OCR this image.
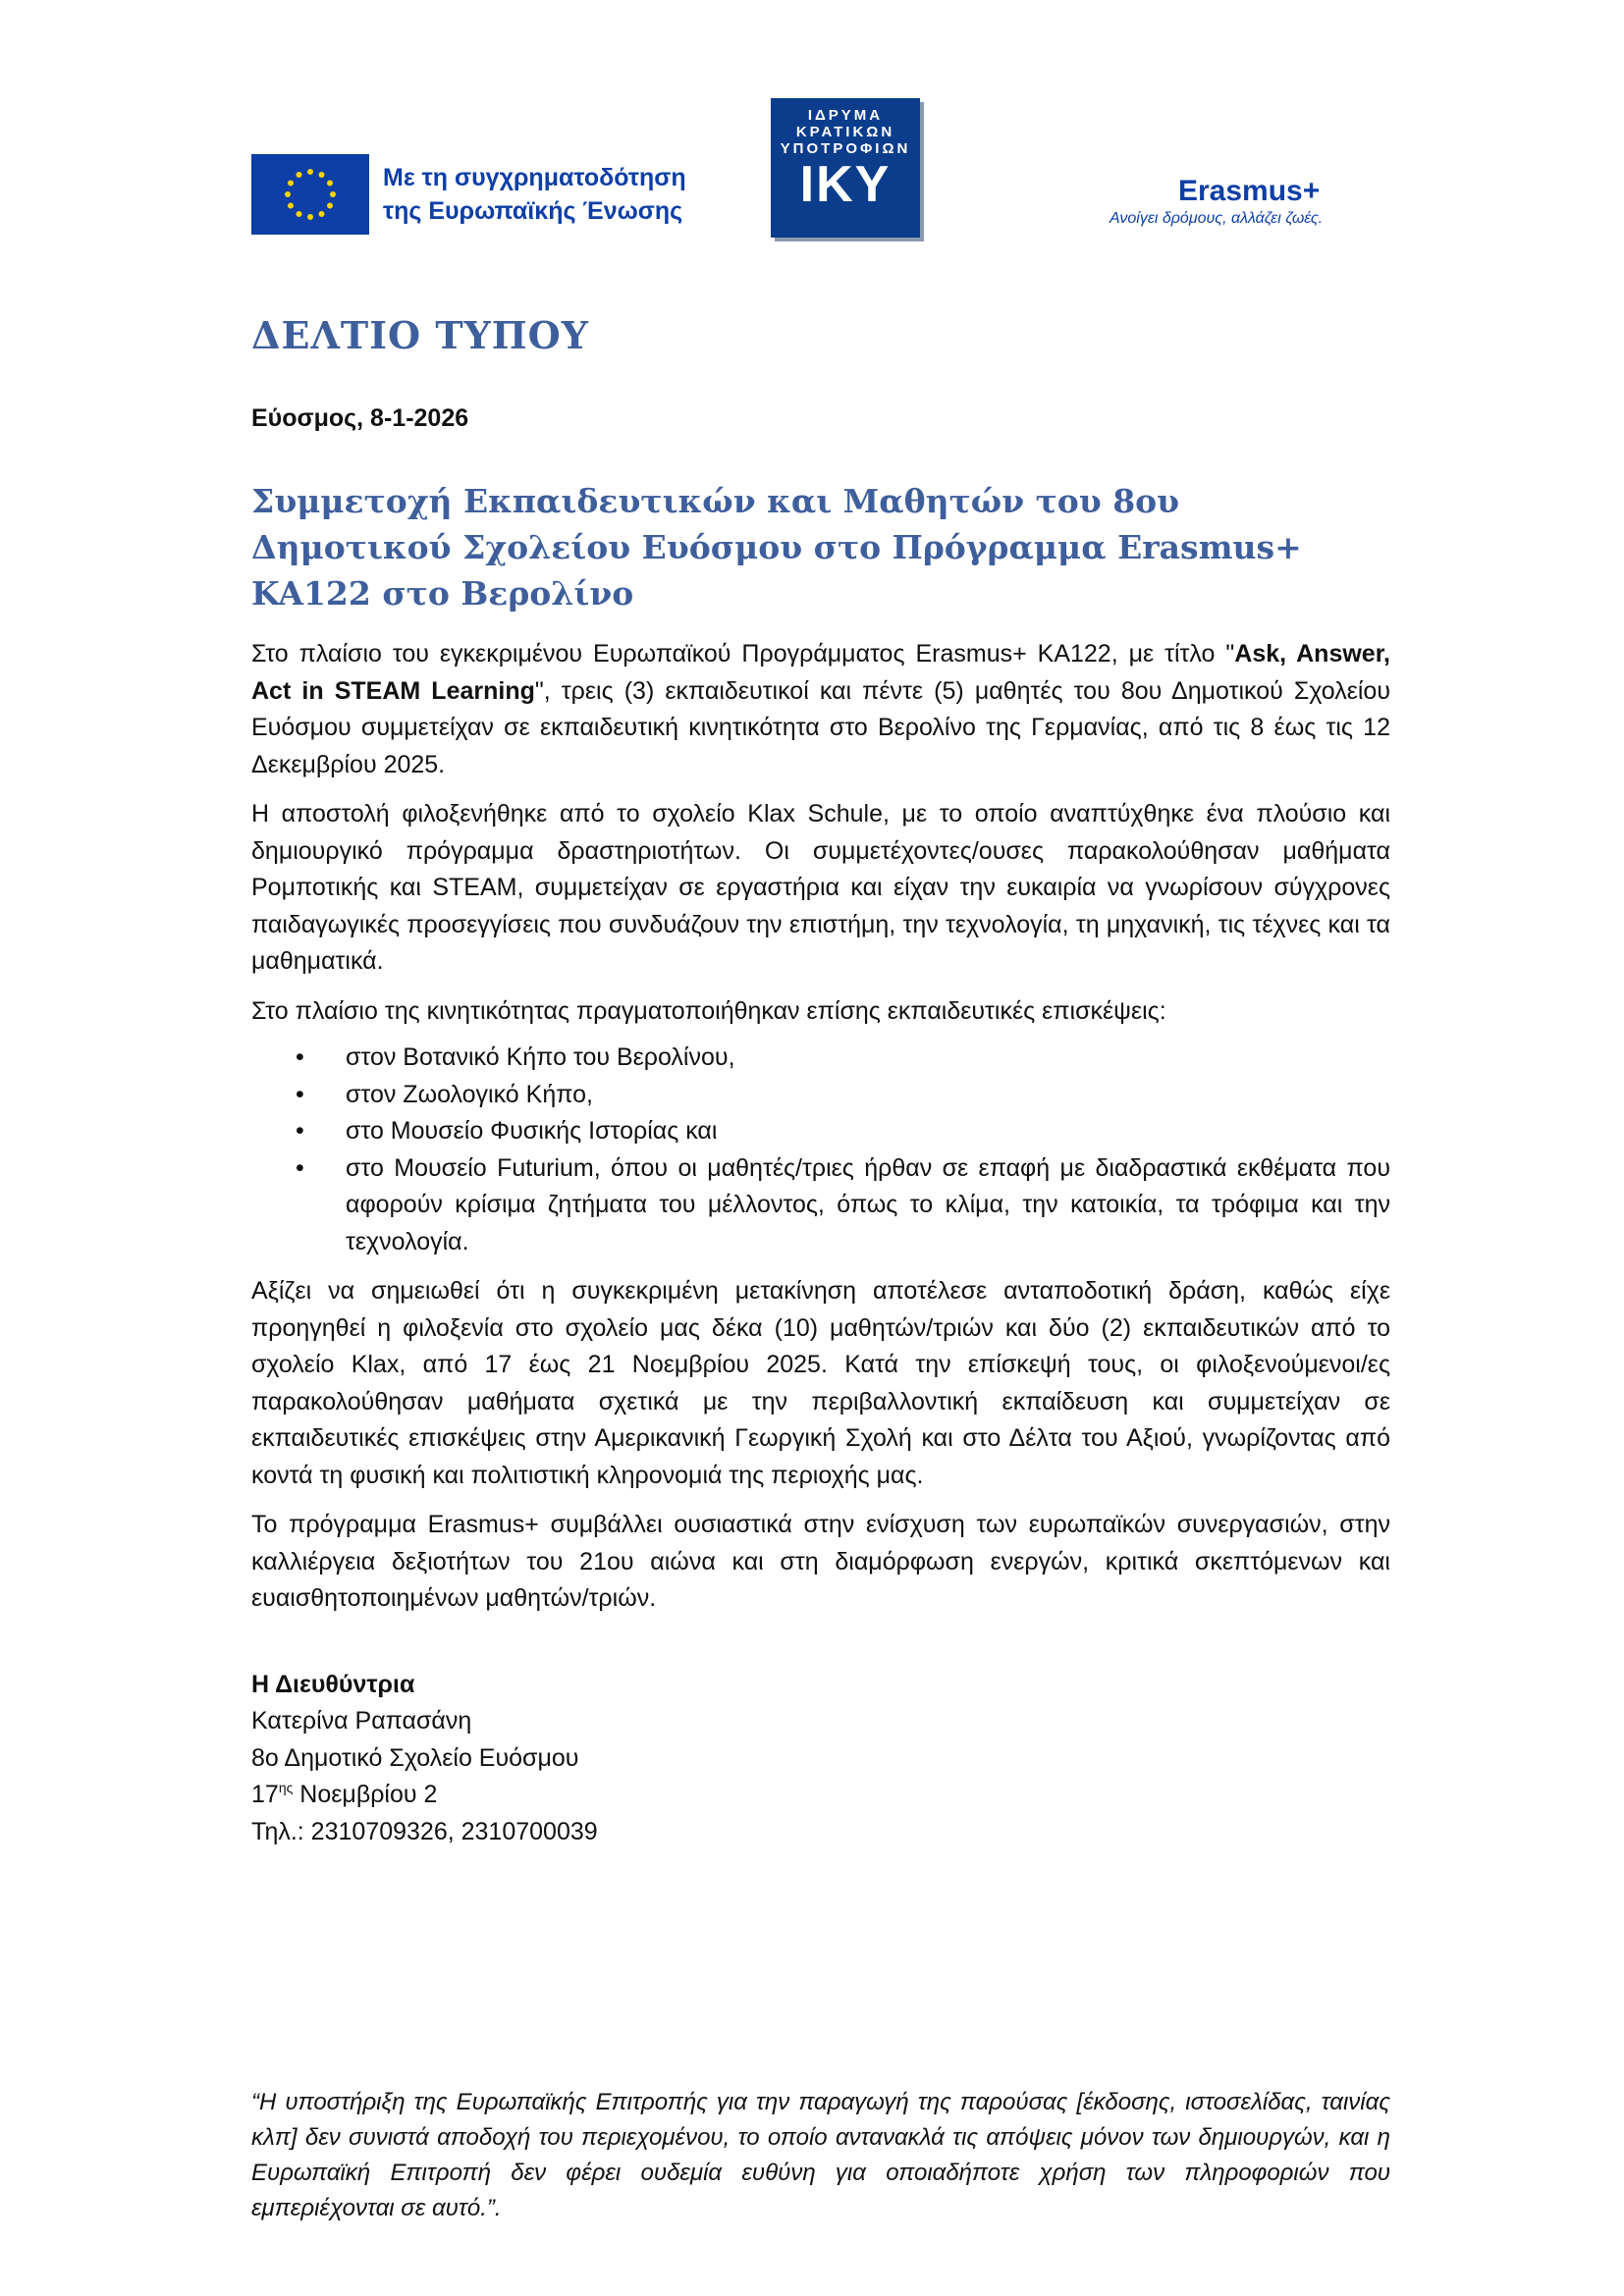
Με τη συγχρηματοδότηση
της Ευρωπαϊκής Ένωσης
ΙΔΡΥΜΑ
ΚΡΑΤΙΚΩΝ
ΥΠΟΤΡΟΦΙΩΝ
ΙΚΥ	Erasmus+
Ανοίγει δρόμους, αλλάζει ζωές.
ΔΕΛΤΙΟ ΤΥΠΟΥ
Εύοσμος, 8-1-2026
Συμμετοχή Εκπαιδευτικών και Μαθητών του 8ου Δημοτικού Σχολείου Ευόσμου στο Πρόγραμμα Erasmus+ KA122 στο Βερολίνο

Στο πλαίσιο του εγκεκριμένου Ευρωπαϊκού Προγράμματος Erasmus+ ΚΑ122, με τίτλο "Ask, Answer, Act in STEAM Learning", τρεις (3) εκπαιδευτικοί και πέντε (5) μαθητές του 8ου Δημοτικού Σχολείου Ευόσμου συμμετείχαν σε εκπαιδευτική κινητικότητα στο Βερολίνο της Γερμανίας, από τις 8 έως τις 12 Δεκεμβρίου 2025.

Η αποστολή φιλοξενήθηκε από το σχολείο Klax Schule, με το οποίο αναπτύχθηκε ένα πλούσιο και δημιουργικό πρόγραμμα δραστηριοτήτων. Οι συμμετέχοντες/ουσες παρακολούθησαν μαθήματα Ρομποτικής και STEAM, συμμετείχαν σε εργαστήρια και είχαν την ευκαιρία να γνωρίσουν σύγχρονες παιδαγωγικές προσεγγίσεις που συνδυάζουν την επιστήμη, την τεχνολογία, τη μηχανική, τις τέχνες και τα μαθηματικά.

Στο πλαίσιο της κινητικότητας πραγματοποιήθηκαν επίσης εκπαιδευτικές επισκέψεις:

• στον Βοτανικό Κήπο του Βερολίνου,
• στον Ζωολογικό Κήπο,
• στο Μουσείο Φυσικής Ιστορίας και
• στο Μουσείο Futurium, όπου οι μαθητές/τριες ήρθαν σε επαφή με διαδραστικά εκθέματα που αφορούν κρίσιμα ζητήματα του μέλλοντος, όπως το κλίμα, την κατοικία, τα τρόφιμα και την τεχνολογία.

Αξίζει να σημειωθεί ότι η συγκεκριμένη μετακίνηση αποτέλεσε ανταποδοτική δράση, καθώς είχε προηγηθεί η φιλοξενία στο σχολείο μας δέκα (10) μαθητών/τριών και δύο (2) εκπαιδευτικών από το σχολείο Klax, από 17 έως 21 Νοεμβρίου 2025. Κατά την επίσκεψή τους, οι φιλοξενούμενοι/ες παρακολούθησαν μαθήματα σχετικά με την περιβαλλοντική εκπαίδευση και συμμετείχαν σε εκπαιδευτικές επισκέψεις στην Αμερικανική Γεωργική Σχολή και στο Δέλτα του Αξιού, γνωρίζοντας από κοντά τη φυσική και πολιτιστική κληρονομιά της περιοχής μας.

Το πρόγραμμα Erasmus+ συμβάλλει ουσιαστικά στην ενίσχυση των ευρωπαϊκών συνεργασιών, στην καλλιέργεια δεξιοτήτων του 21ου αιώνα και στη διαμόρφωση ενεργών, κριτικά σκεπτόμενων και ευαισθητοποιημένων μαθητών/τριών.

Η Διευθύντρια
Κατερίνα Ραπασάνη
8ο Δημοτικό Σχολείο Ευόσμου
$17^{\eta\varsigma}$ Νοεμβρίου 2
Τηλ.: 2310709326, 2310700039
“Η υποστήριξη της Ευρωπαϊκής Επιτροπής για την παραγωγή της παρούσας [έκδοσης, ιστοσελίδας, ταινίας κλπ] δεν συνιστά αποδοχή του περιεχομένου, το οποίο αντανακλά τις απόψεις μόνον των δημιουργών, και η Ευρωπαϊκή Επιτροπή δεν φέρει ουδεμία ευθύνη για οποιαδήποτε χρήση των πληροφοριών που εμπεριέχονται σε αυτό.”.
